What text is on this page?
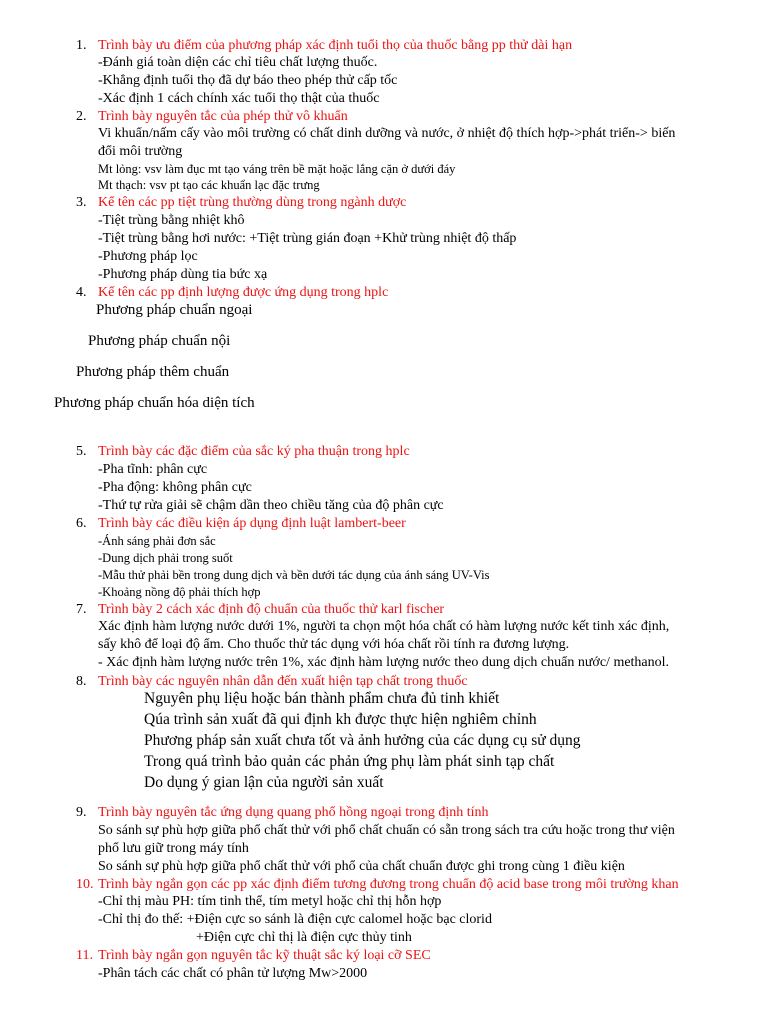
1. Trình bày ưu điểm của phương pháp xác định tuổi thọ của thuốc bằng pp thử dài hạn
-Đánh giá toàn diện các chỉ tiêu chất lượng thuốc.
-Khẳng định tuổi thọ đã dự báo theo phép thử cấp tốc
-Xác định 1 cách chính xác tuổi thọ thật của thuốc
2. Trình bày nguyên tắc của phép thử vô khuẩn
Vi khuẩn/nấm cấy vào môi trường có chất dinh dưỡng và nước, ở nhiệt độ thích hợp->phát triển-> biến
đổi môi trường
Mt lỏng: vsv làm đục mt tạo váng trên bề mặt hoặc lắng cặn ở dưới đáy
Mt thạch: vsv pt tạo các khuẩn lạc đặc trưng
3. Kể tên các pp tiệt trùng thường dùng trong ngành dược
-Tiệt trùng bằng nhiệt khô
-Tiệt trùng bằng hơi nước: +Tiệt trùng gián đoạn +Khử trùng nhiệt độ thấp
-Phương pháp lọc
-Phương pháp dùng tia bức xạ
4. Kể tên các pp định lượng được ứng dụng trong hplc
Phương pháp chuẩn ngoại
Phương pháp chuẩn nội
Phương pháp thêm chuẩn
Phương pháp chuẩn hóa diện tích
5. Trình bày các đặc điểm của sắc ký pha thuận trong hplc
-Pha tĩnh: phân cực
-Pha động: không phân cực
-Thứ tự rửa giải sẽ chậm dần theo chiều tăng của độ phân cực
6. Trình bày các điều kiện áp dụng định luật lambert-beer
-Ánh sáng phải đơn sắc
-Dung dịch phải trong suốt
-Mẫu thử phải bền trong dung dịch và bền dưới tác dụng của ánh sáng UV-Vis
-Khoảng nồng độ phải thích hợp
7. Trình bày 2 cách xác định độ chuẩn của thuốc thử karl fischer
Xác định hàm lượng nước dưới 1%, người ta chọn một hóa chất có hàm lượng nước kết tinh xác định,
sấy khô để loại độ ẩm. Cho thuốc thử tác dụng với hóa chất rồi tính ra đương lượng.
- Xác định hàm lượng nước trên 1%, xác định hàm lượng nước theo dung dịch chuẩn nước/ methanol.
8. Trình bày các nguyên nhân dẫn đến xuất hiện tạp chất trong thuốc
Nguyên phụ liệu hoặc bán thành phẩm chưa đủ tinh khiết
Qúa trình sản xuất đã qui định kh được thực hiện nghiêm chỉnh
Phương pháp sản xuất chưa tốt và ảnh hưởng của các dụng cụ sử dụng
Trong quá trình bảo quản các phản ứng phụ làm phát sinh tạp chất
Do dụng ý gian lận của người sản xuất
9. Trình bày nguyên tắc ứng dụng quang phổ hồng ngoại trong định tính
So sánh sự phù hợp giữa phổ chất thử với phổ chất chuẩn có sẵn trong sách tra cứu hoặc trong thư viện
phổ lưu giữ trong máy tính
So sánh sự phù hợp giữa phổ chất thử với phổ của chất chuẩn được ghi trong cùng 1 điều kiện
10. Trình bày ngắn gọn các pp xác định điểm tương đương trong chuẩn độ acid base trong môi trường khan
-Chỉ thị màu PH: tím tinh thể, tím metyl hoặc chỉ thị hỗn hợp
-Chỉ thị đo thế: +Điện cực so sánh là điện cực calomel hoặc bạc clorid
+Điện cực chỉ thị là điện cực thủy tinh
11. Trình bày ngắn gọn nguyên tắc kỹ thuật sắc ký loại cỡ SEC
-Phân tách các chất có phân tử lượng Mw>2000
